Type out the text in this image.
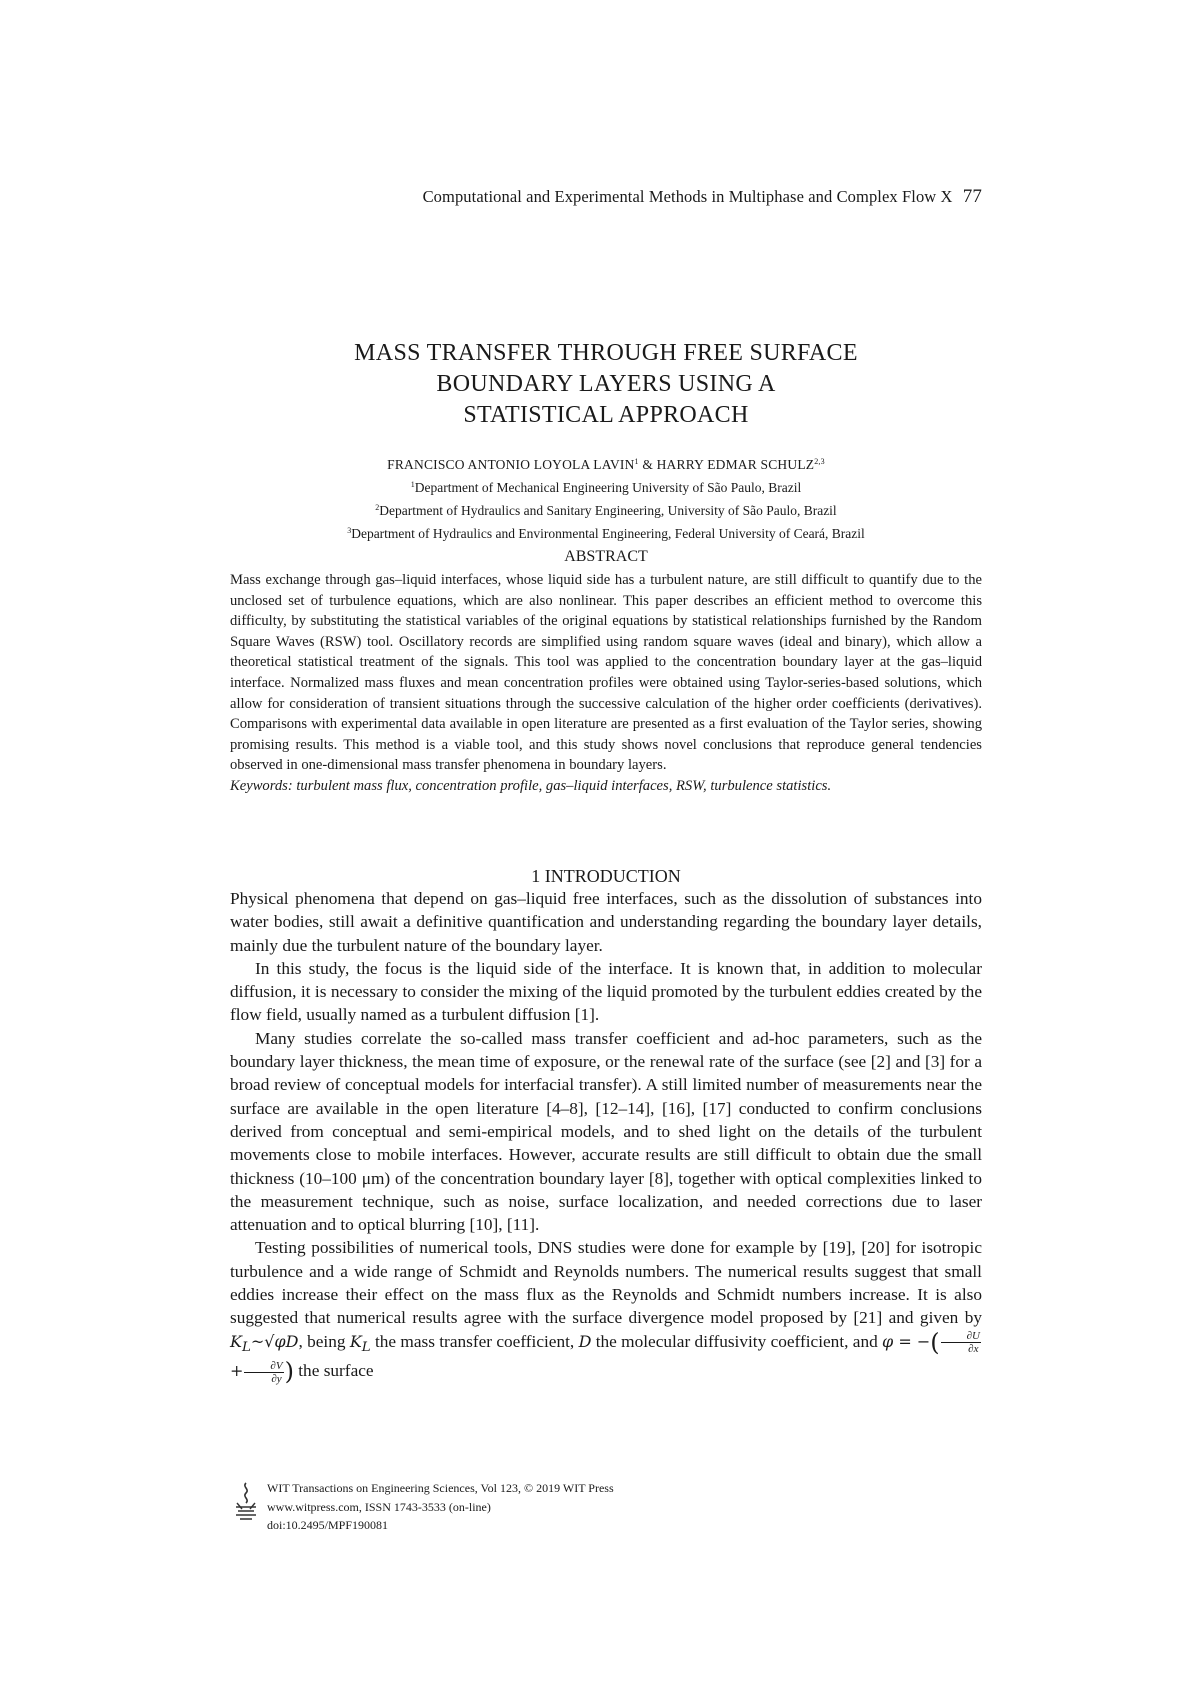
Computational and Experimental Methods in Multiphase and Complex Flow X 77
MASS TRANSFER THROUGH FREE SURFACE
BOUNDARY LAYERS USING A
STATISTICAL APPROACH
FRANCISCO ANTONIO LOYOLA LAVIN$^1$ & HARRY EDMAR SCHULZ$^{2,3}$
$^1$Department of Mechanical Engineering University of São Paulo, Brazil
$^2$Department of Hydraulics and Sanitary Engineering, University of São Paulo, Brazil
$^3$Department of Hydraulics and Environmental Engineering, Federal University of Ceará, Brazil
ABSTRACT
Mass exchange through gas–liquid interfaces, whose liquid side has a turbulent nature, are still difficult to quantify due to the unclosed set of turbulence equations, which are also nonlinear. This paper describes an efficient method to overcome this difficulty, by substituting the statistical variables of the original equations by statistical relationships furnished by the Random Square Waves (RSW) tool. Oscillatory records are simplified using random square waves (ideal and binary), which allow a theoretical statistical treatment of the signals. This tool was applied to the concentration boundary layer at the gas–liquid interface. Normalized mass fluxes and mean concentration profiles were obtained using Taylor-series-based solutions, which allow for consideration of transient situations through the successive calculation of the higher order coefficients (derivatives). Comparisons with experimental data available in open literature are presented as a first evaluation of the Taylor series, showing promising results. This method is a viable tool, and this study shows novel conclusions that reproduce general tendencies observed in one-dimensional mass transfer phenomena in boundary layers.
Keywords: turbulent mass flux, concentration profile, gas–liquid interfaces, RSW, turbulence statistics.
1 INTRODUCTION

Physical phenomena that depend on gas–liquid free interfaces, such as the dissolution of substances into water bodies, still await a definitive quantification and understanding regarding the boundary layer details, mainly due the turbulent nature of the boundary layer.

In this study, the focus is the liquid side of the interface. It is known that, in addition to molecular diffusion, it is necessary to consider the mixing of the liquid promoted by the turbulent eddies created by the flow field, usually named as a turbulent diffusion [1].

Many studies correlate the so-called mass transfer coefficient and ad-hoc parameters, such as the boundary layer thickness, the mean time of exposure, or the renewal rate of the surface (see [2] and [3] for a broad review of conceptual models for interfacial transfer). A still limited number of measurements near the surface are available in the open literature [4–8], [12–14], [16], [17] conducted to confirm conclusions derived from conceptual and semi-empirical models, and to shed light on the details of the turbulent movements close to mobile interfaces. However, accurate results are still difficult to obtain due the small thickness (10–100 μm) of the concentration boundary layer [8], together with optical complexities linked to the measurement technique, such as noise, surface localization, and needed corrections due to laser attenuation and to optical blurring [10], [11].

Testing possibilities of numerical tools, DNS studies were done for example by [19], [20] for isotropic turbulence and a wide range of Schmidt and Reynolds numbers. The numerical results suggest that small eddies increase their effect on the mass flux as the Reynolds and Schmidt numbers increase. It is also suggested that numerical results agree with the surface divergence model proposed by [21] and given by $K_L\sim√\varphi D$, being $K_L$ the mass transfer coefficient, D the molecular diffusivity coefficient, and φ = −( $\frac{\partial U}{\partial x}$
+ $\frac{\partial V}{\partial y}$ ) the surface

WIT Transactions on Engineering Sciences, Vol 123, © 2019 WIT Press
www.witpress.com, ISSN 1743-3533 (on-line)
doi:10.2495/MPF190081
